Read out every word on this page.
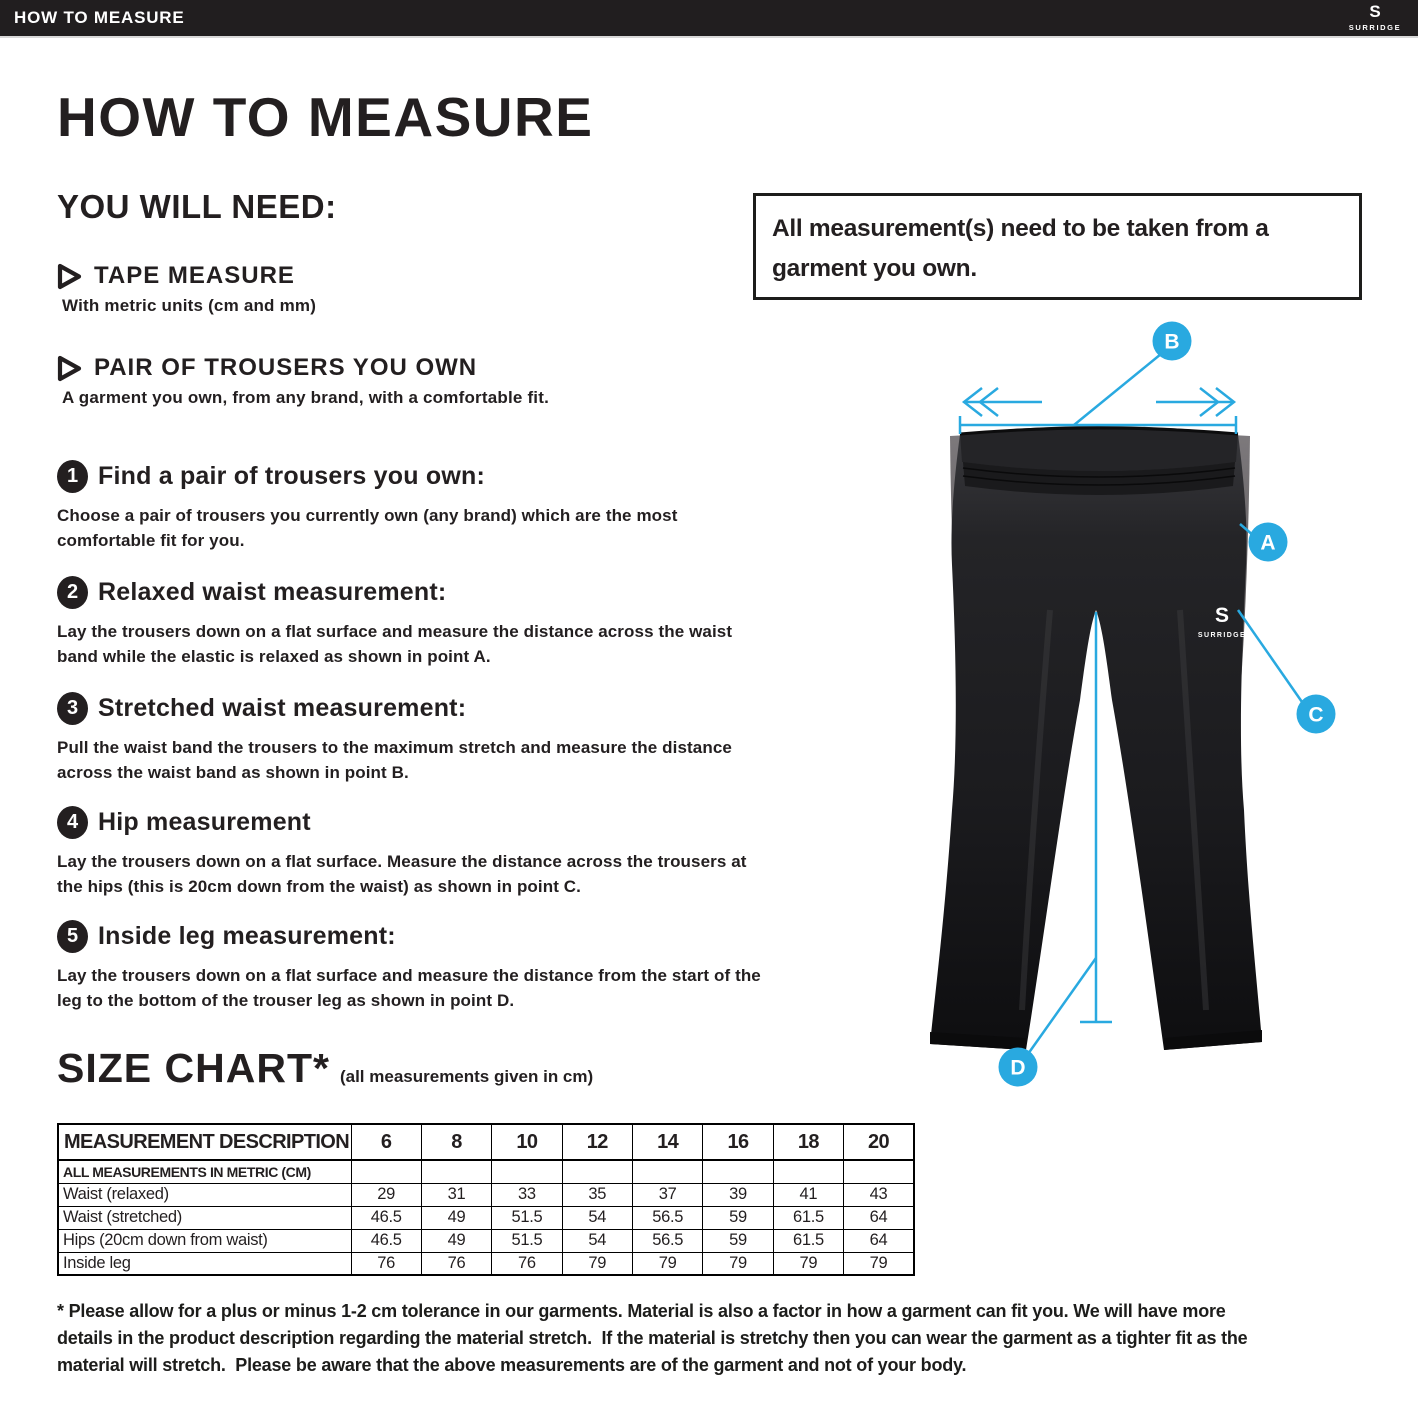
HOW TO MEASURE	S
SURRIDGE
HOW TO MEASURE
YOU WILL NEED:
TAPE MEASURE
With metric units (cm and mm)
PAIR OF TROUSERS YOU OWN
A garment you own, from any brand, with a comfortable fit.
All measurement(s) need to be taken from a garment you own.
1 Find a pair of trousers you own:
Choose a pair of trousers you currently own (any brand) which are the most comfortable fit for you.
2 Relaxed waist measurement:
Lay the trousers down on a flat surface and measure the distance across the waist band while the elastic is relaxed as shown in point A.
3 Stretched waist measurement:
Pull the waist band the trousers to the maximum stretch and measure the distance across the waist band as shown in point B.
4 Hip measurement
Lay the trousers down on a flat surface. Measure the distance across the trousers at the hips (this is 20cm down from the waist) as shown in point C.
5 Inside leg measurement:
Lay the trousers down on a flat surface and measure the distance from the start of the leg to the bottom of the trouser leg as shown in point D.
S
SURRIDGE
B
A
C
D
SIZE CHART* (all measurements given in cm)
MEASUREMENT DESCRIPTION	6	8	10	12	14	16	18	20
ALL MEASUREMENTS IN METRIC (CM)								
Waist (relaxed)	29	31	33	35	37	39	41	43
Waist (stretched)	46.5	49	51.5	54	56.5	59	61.5	64
Hips (20cm down from waist)	46.5	49	51.5	54	56.5	59	61.5	64
Inside leg	76	76	76	79	79	79	79	79
* Please allow for a plus or minus 1-2 cm tolerance in our garments. Material is also a factor in how a garment can fit you. We will have more details in the product description regarding the material stretch.  If the material is stretchy then you can wear the garment as a tighter fit as the material will stretch.  Please be aware that the above measurements are of the garment and not of your body.
